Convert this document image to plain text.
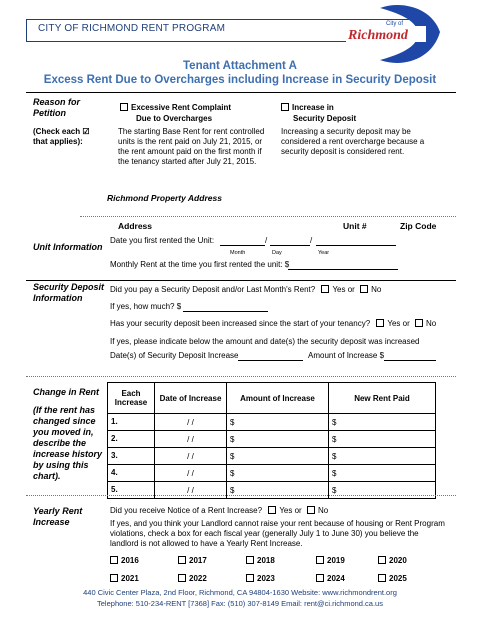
CITY OF RICHMOND RENT PROGRAM	City of
Richmond
Tenant Attachment A
Excess Rent Due to Overcharges including Increase in Security Deposit
Reason for Petition
(Check each ☑ that applies):
Excessive Rent Complaint
Due to Overcharges
The starting Base Rent for rent controlled units is the rent paid on July 21, 2015, or the rent amount paid on the first month if the tenancy started after July 21, 2015.
Increase in
Security Deposit
Increasing a security deposit may be considered a rent overcharge because a security deposit is considered rent.
Richmond Property Address
Address	Unit #	Zip Code
Unit Information
Date you first rented the Unit:	/	/
Month	Day	Year
Monthly Rent at the time you first rented the unit: $
Security Deposit Information
Did you pay a Security Deposit and/or Last Month's Rent? Yes or No
If yes, how much? $
Has your security deposit been increased since the start of your tenancy? Yes or No
If yes, please indicate below the amount and date(s) the security deposit was increased
Date(s) of Security Deposit Increase	Amount of Increase $
Change in Rent
(If the rent has changed since you moved in, describe the increase history by using this chart).
Each Increase	Date of Increase	Amount of Increase	New Rent Paid
1.	/ /	$	$
2.	/ /	$	$
3.	/ /	$	$
4.	/ /	$	$
5.	/ /	$	$
Yearly Rent Increase
Did you receive Notice of a Rent Increase? Yes or No
If yes, and you think your Landlord cannot raise your rent because of housing or Rent Program violations, check a box for each fiscal year (generally July 1 to June 30) you believe the landlord is not allowed to have a Yearly Rent Increase.
2016	2017	2018	2019	2020
2021	2022	2023	2024	2025
440 Civic Center Plaza, 2nd Floor, Richmond, CA 94804-1630 Website: www.richmondrent.org
Telephone: 510-234-RENT [7368] Fax: (510) 307-8149 Email: rent@ci.richmond.ca.us
